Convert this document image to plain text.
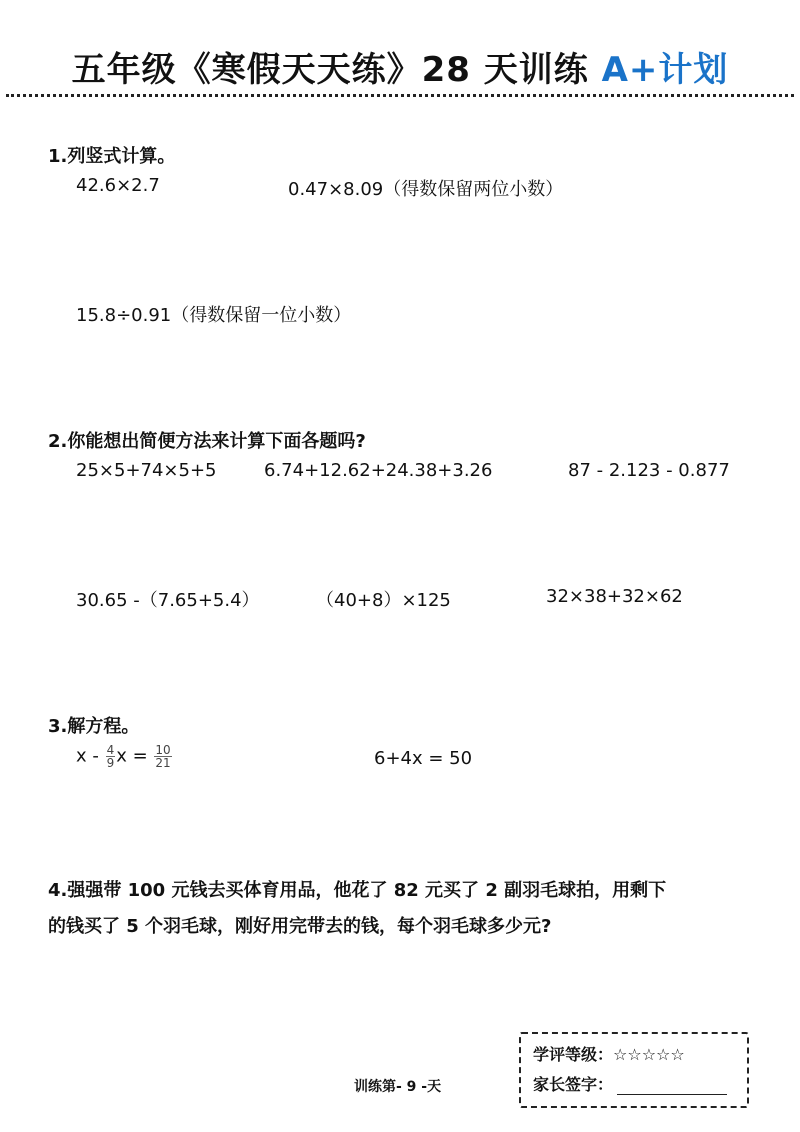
五年级《寒假天天练》28 天训练 A+计划
1.列竖式计算。
42.6×2.7	0.47×8.09（得数保留两位小数）
15.8÷0.91（得数保留一位小数）
2.你能想出简便方法来计算下面各题吗?
25×5+74×5+5	6.74+12.62+24.38+3.26	87 - 2.123 - 0.877
30.65 -（7.65+5.4）	（40+8）×125	32×38+32×62
3.解方程。
x - $\frac{4}{9}$ $x = \frac{10}{21}$	6+4x = 50
4.强强带 100 元钱去买体育用品，他花了 82 元买了 2 副羽毛球拍，用剩下
的钱买了 5 个羽毛球，刚好用完带去的钱，每个羽毛球多少元?
训练第- 9 -天
学评等级：☆☆☆☆☆
家长签字：
